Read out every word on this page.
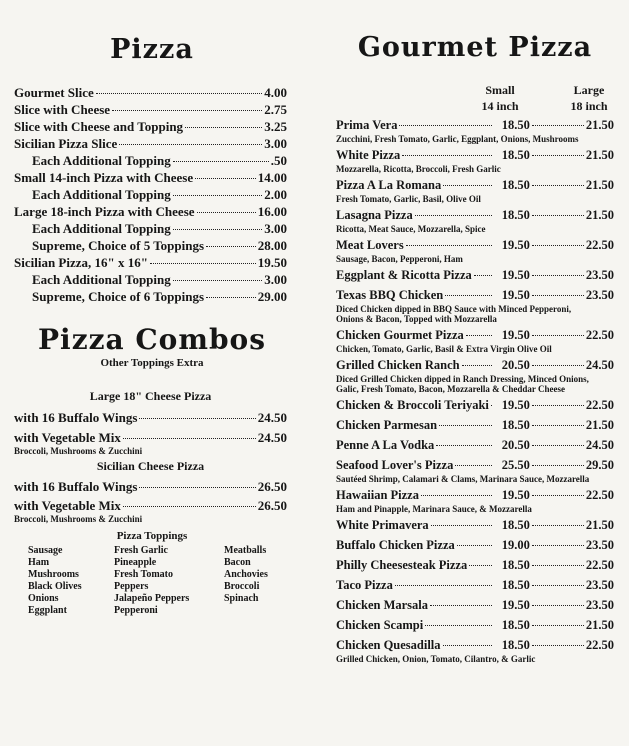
Pizza
Gourmet Slice	4.00
Slice with Cheese	2.75
Slice with Cheese and Topping	3.25
Sicilian Pizza Slice	3.00
Each Additional Topping	.50
Small 14-inch Pizza with Cheese	14.00
Each Additional Topping	2.00
Large 18-inch Pizza with Cheese	16.00
Each Additional Topping	3.00
Supreme, Choice of 5 Toppings	28.00
Sicilian Pizza, 16" x 16"	19.50
Each Additional Topping	3.00
Supreme, Choice of 6 Toppings	29.00
Pizza Combos
Other Toppings Extra
Large 18" Cheese Pizza
with 16 Buffalo Wings	24.50
with Vegetable Mix	24.50
Broccoli, Mushrooms & Zucchini
Sicilian Cheese Pizza
with 16 Buffalo Wings	26.50
with Vegetable Mix	26.50
Broccoli, Mushrooms & Zucchini
Pizza Toppings
Sausage
Ham
Mushrooms
Black Olives
Onions
Eggplant
Fresh Garlic
Pineapple
Fresh Tomato
Peppers
Jalapeño Peppers
Pepperoni
Meatballs
Bacon
Anchovies
Broccoli
Spinach
Gourmet Pizza
Small
14 inch
Large
18 inch
Prima Vera	18.50	21.50
Zucchini, Fresh Tomato, Garlic, Eggplant, Onions, Mushrooms
White Pizza	18.50	21.50
Mozzarella, Ricotta, Broccoli, Fresh Garlic
Pizza A La Romana	18.50	21.50
Fresh Tomato, Garlic, Basil, Olive Oil
Lasagna Pizza	18.50	21.50
Ricotta, Meat Sauce, Mozzarella, Spice
Meat Lovers	19.50	22.50
Sausage, Bacon, Pepperoni, Ham
Eggplant & Ricotta Pizza	19.50	23.50
Texas BBQ Chicken	19.50	23.50
Diced Chicken dipped in BBQ Sauce with Minced Pepperoni,
Onions & Bacon, Topped with Mozzarella
Chicken Gourmet Pizza	19.50	22.50
Chicken, Tomato, Garlic, Basil & Extra Virgin Olive Oil
Grilled Chicken Ranch	20.50	24.50
Diced Grilled Chicken dipped in Ranch Dressing, Minced Onions,
Galic, Fresh Tomato, Bacon, Mozzarella & Cheddar Cheese
Chicken & Broccoli Teriyaki	19.50	22.50
Chicken Parmesan	18.50	21.50
Penne A La Vodka	20.50	24.50
Seafood Lover's Pizza	25.50	29.50
Sautéed Shrimp, Calamari & Clams, Marinara Sauce, Mozzarella
Hawaiian Pizza	19.50	22.50
Ham and Pinapple, Marinara Sauce, & Mozzarella
White Primavera	18.50	21.50
Buffalo Chicken Pizza	19.00	23.50
Philly Cheesesteak Pizza	18.50	22.50
Taco Pizza	18.50	23.50
Chicken Marsala	19.50	23.50
Chicken Scampi	18.50	21.50
Chicken Quesadilla	18.50	22.50
Grilled Chicken, Onion, Tomato, Cilantro, & Garlic
